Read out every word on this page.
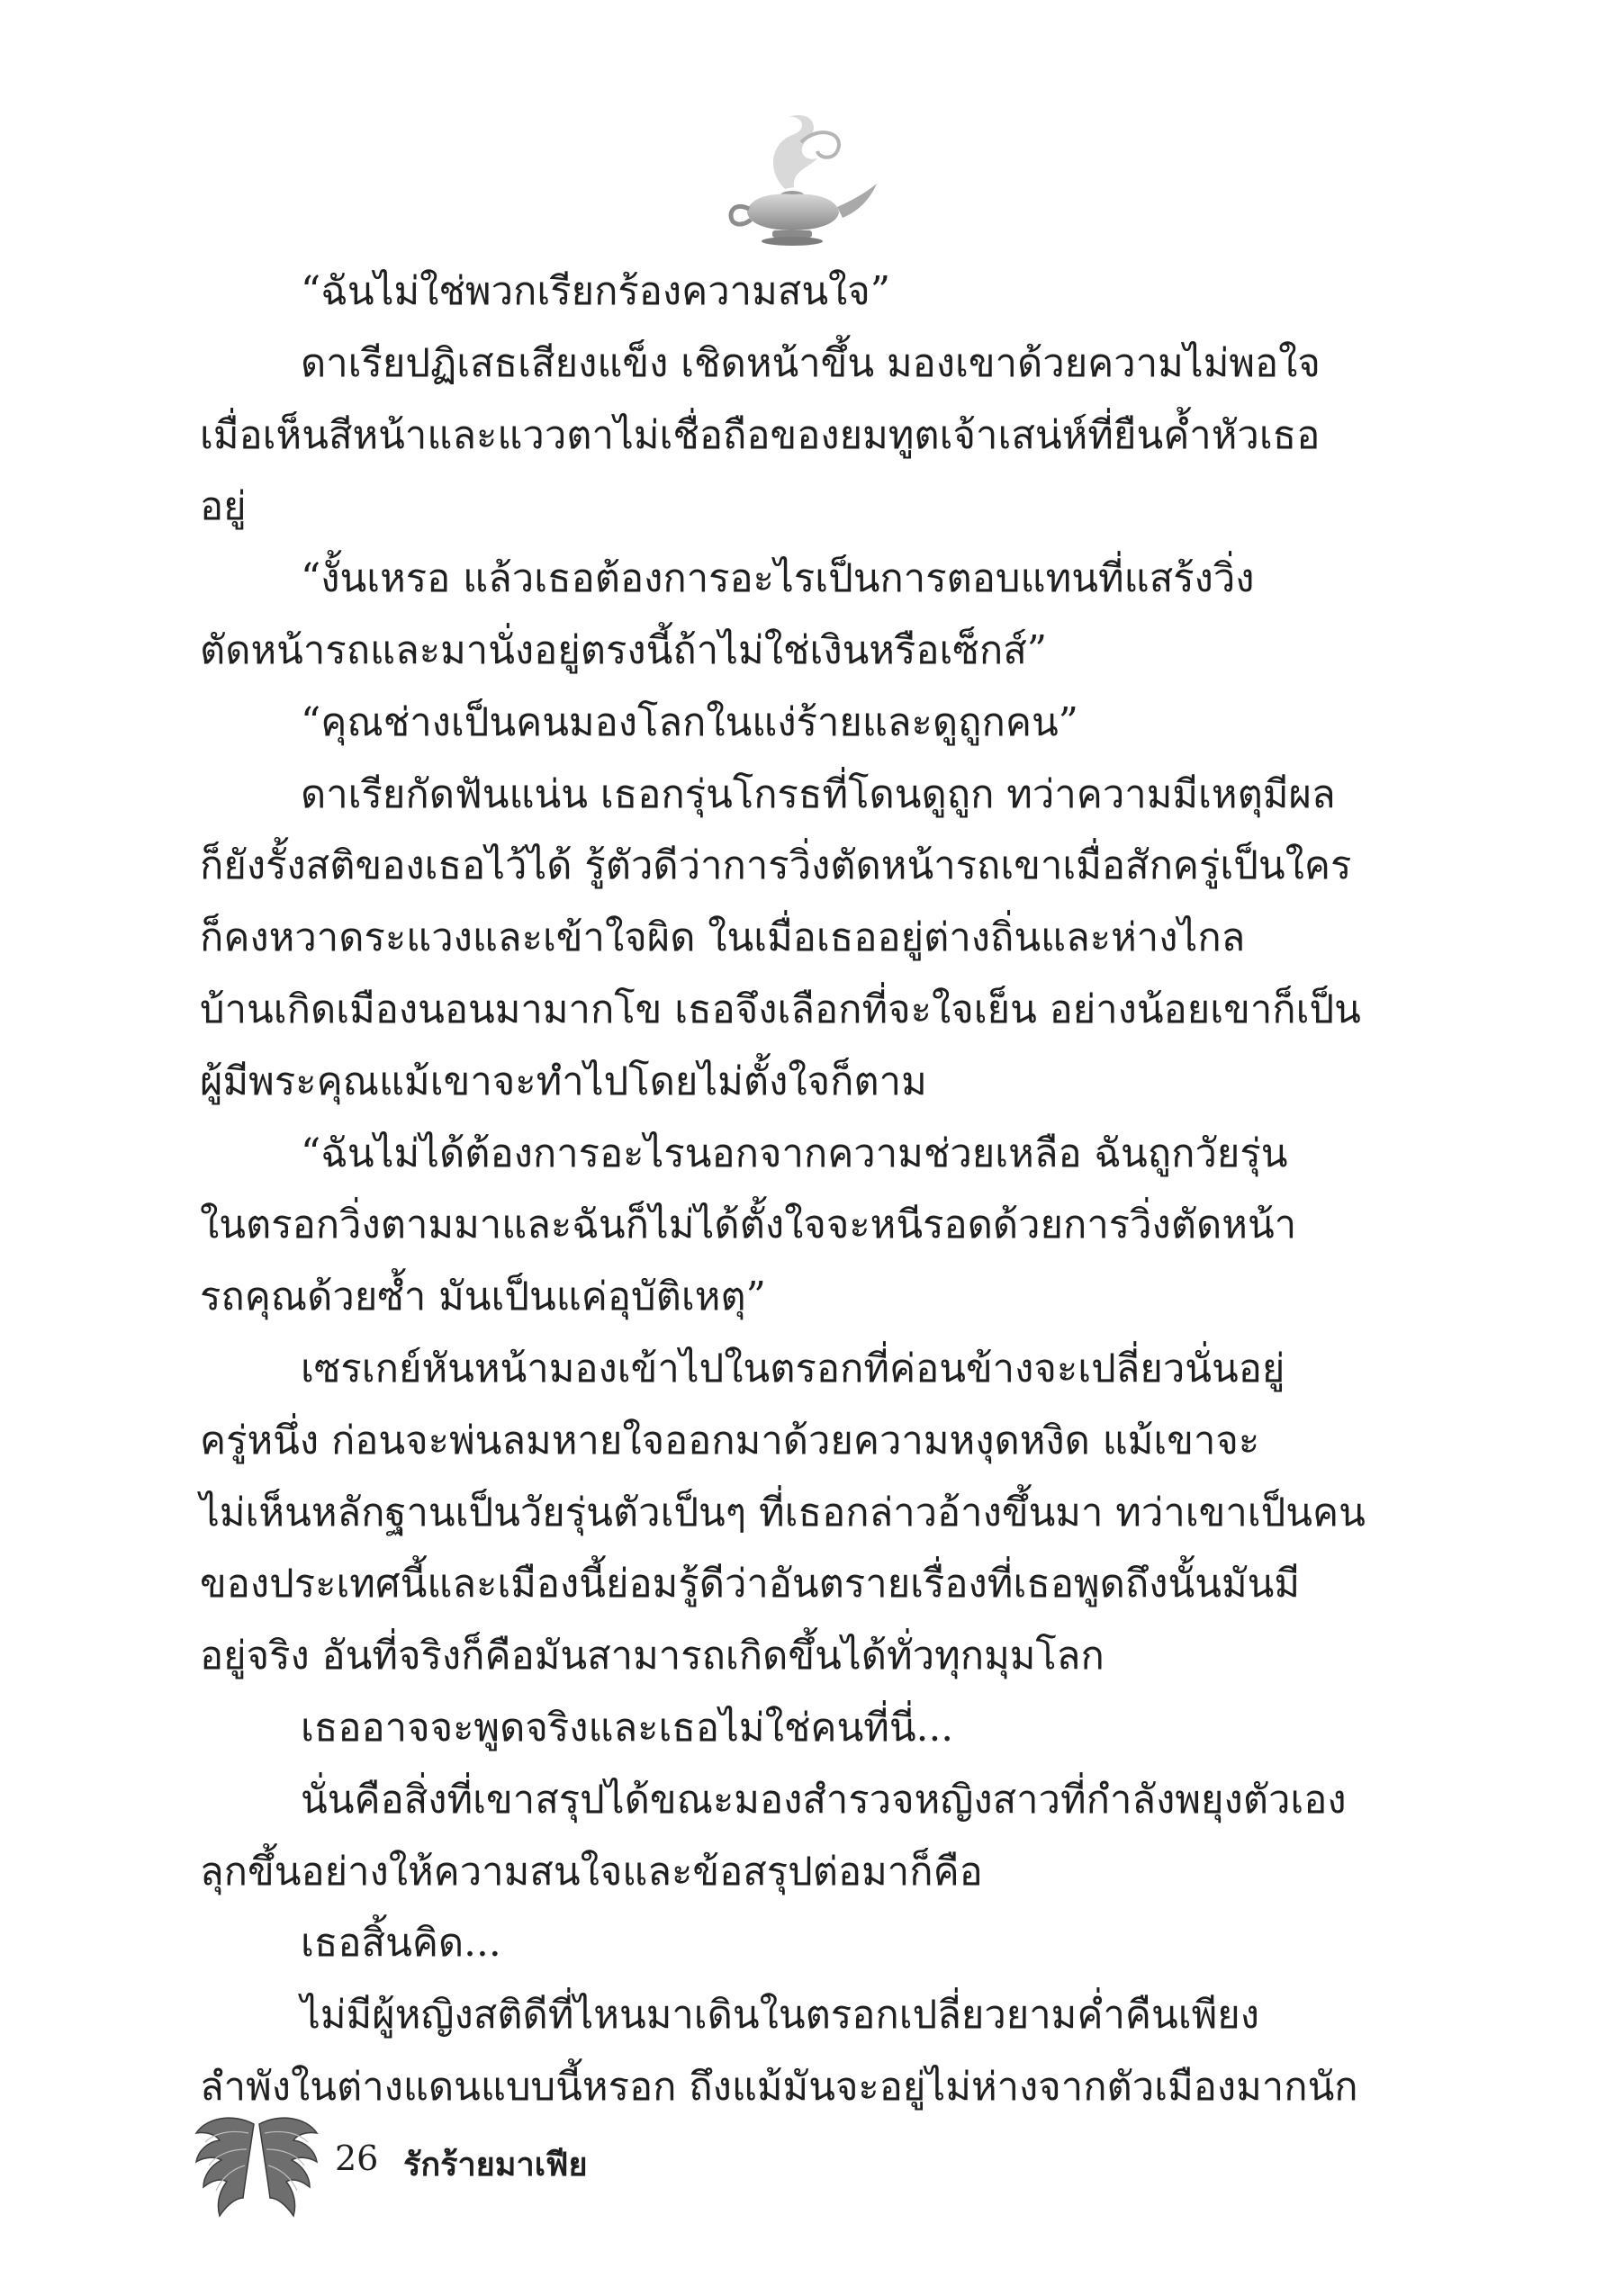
“ฉันไม่ใช่พวกเรียกร้องความสนใจ”
ดาเรียปฏิเสธเสียงแข็ง เชิดหน้าขึ้น มองเขาด้วยความไม่พอใจ
เมื่อเห็นสีหน้าและแววตาไม่เชื่อถือของยมทูตเจ้าเสน่ห์ที่ยืนค้ำหัวเธอ
อยู่
“งั้นเหรอ แล้วเธอต้องการอะไรเป็นการตอบแทนที่แสร้งวิ่ง
ตัดหน้ารถและมานั่งอยู่ตรงนี้ถ้าไม่ใช่เงินหรือเซ็กส์”
“คุณช่างเป็นคนมองโลกในแง่ร้ายและดูถูกคน”
ดาเรียกัดฟันแน่น เธอกรุ่นโกรธที่โดนดูถูก ทว่าความมีเหตุมีผล
ก็ยังรั้งสติของเธอไว้ได้ รู้ตัวดีว่าการวิ่งตัดหน้ารถเขาเมื่อสักครู่เป็นใคร
ก็คงหวาดระแวงและเข้าใจผิด ในเมื่อเธออยู่ต่างถิ่นและห่างไกล
บ้านเกิดเมืองนอนมามากโข เธอจึงเลือกที่จะใจเย็น อย่างน้อยเขาก็เป็น
ผู้มีพระคุณแม้เขาจะทำไปโดยไม่ตั้งใจก็ตาม
“ฉันไม่ได้ต้องการอะไรนอกจากความช่วยเหลือ ฉันถูกวัยรุ่น
ในตรอกวิ่งตามมาและฉันก็ไม่ได้ตั้งใจจะหนีรอดด้วยการวิ่งตัดหน้า
รถคุณด้วยซ้ำ มันเป็นแค่อุบัติเหตุ”
เซรเกย์หันหน้ามองเข้าไปในตรอกที่ค่อนข้างจะเปลี่ยวนั่นอยู่
ครู่หนึ่ง ก่อนจะพ่นลมหายใจออกมาด้วยความหงุดหงิด แม้เขาจะ
ไม่เห็นหลักฐานเป็นวัยรุ่นตัวเป็นๆ ที่เธอกล่าวอ้างขึ้นมา ทว่าเขาเป็นคน
ของประเทศนี้และเมืองนี้ย่อมรู้ดีว่าอันตรายเรื่องที่เธอพูดถึงนั้นมันมี
อยู่จริง อันที่จริงก็คือมันสามารถเกิดขึ้นได้ทั่วทุกมุมโลก
เธออาจจะพูดจริงและเธอไม่ใช่คนที่นี่...
นั่นคือสิ่งที่เขาสรุปได้ขณะมองสำรวจหญิงสาวที่กำลังพยุงตัวเอง
ลุกขึ้นอย่างให้ความสนใจและข้อสรุปต่อมาก็คือ
เธอสิ้นคิด...
ไม่มีผู้หญิงสติดีที่ไหนมาเดินในตรอกเปลี่ยวยามค่ำคืนเพียง
ลำพังในต่างแดนแบบนี้หรอก ถึงแม้มันจะอยู่ไม่ห่างจากตัวเมืองมากนัก
26 รักร้ายมาเฟีย
